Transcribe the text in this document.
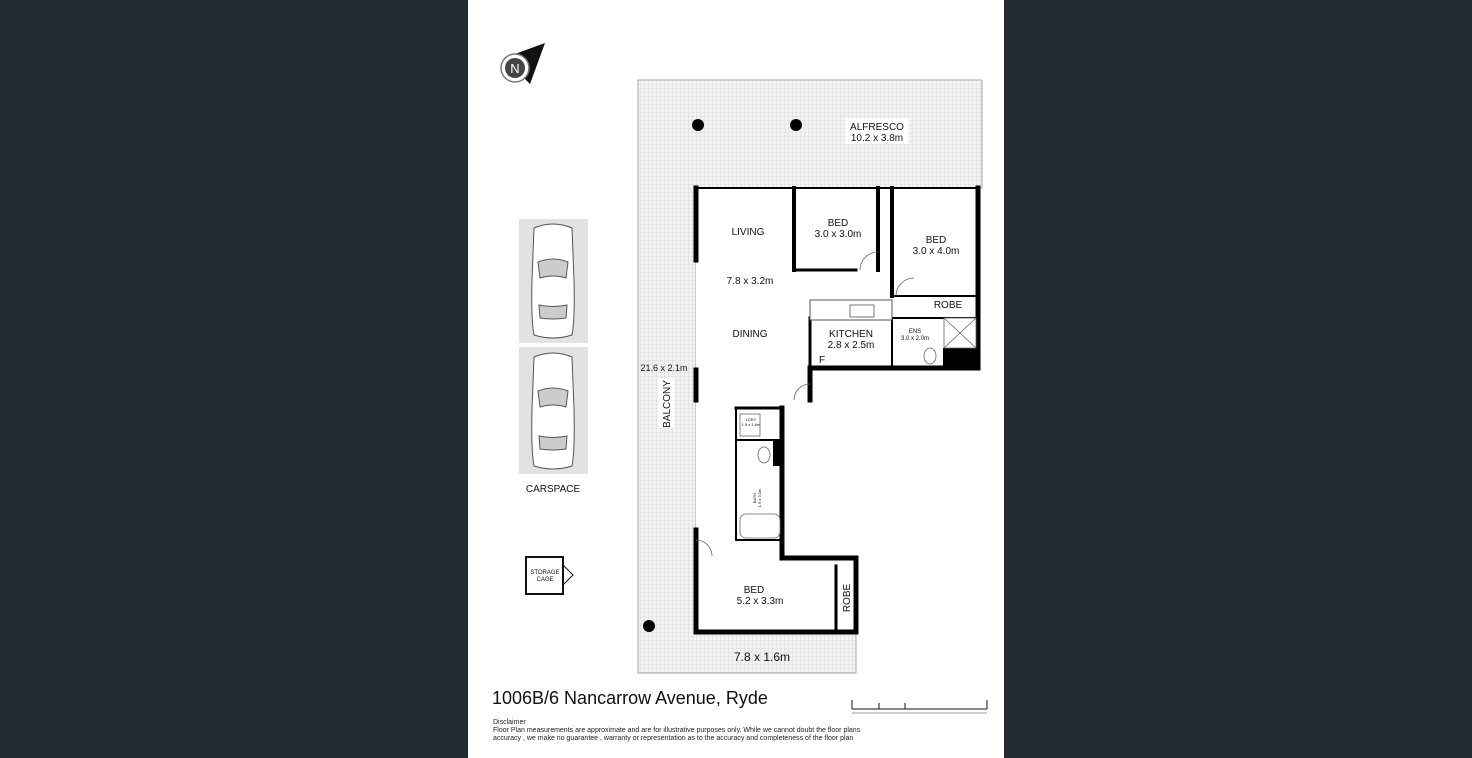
N
CARSPACE
STORAGE
CAGE
ALFRESCO
10.2 x 3.8m
LIVING
7.8 x 3.2m
DINING
BED
3.0 x 3.0m
BED
3.0 x 4.0m
ROBE
KITCHEN
2.8 x 2.5m
F
ENS
3.0 x 2.0m
LDRY
1.5 x 1.6m
BATH 1.6 x 3.0m
21.6 x 2.1m
BALCONY
BED
5.2 x 3.3m	ROBE
7.8 x 1.6m
1006B/6 Nancarrow Avenue, Ryde
Disclaimer
Floor Plan measurements are approximate and are for illustrative purposes only. While we cannot doubt the floor plans
accuracy , we make no guarantee , warranty or representation as to the accuracy and completeness of the floor plan
